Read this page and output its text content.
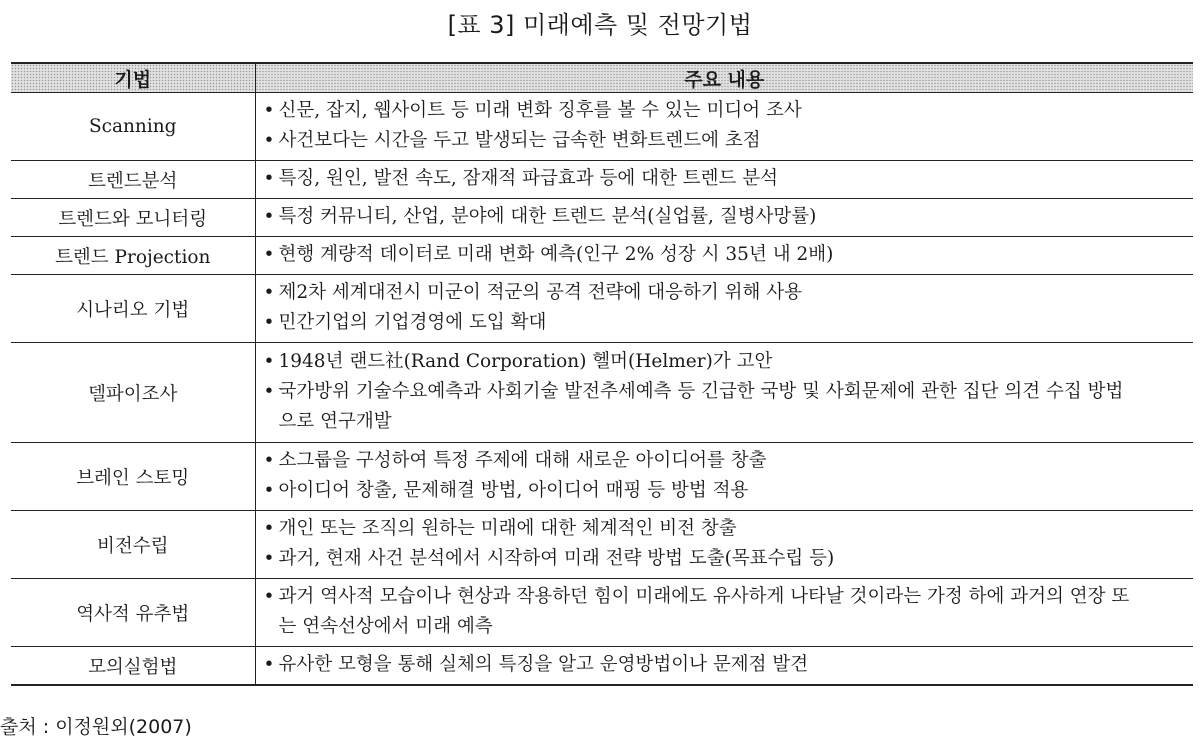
[표 3] 미래예측 및 전망기법
기법	주요 내용
Scanning	• 신문, 잡지, 웹사이트 등 미래 변화 징후를 볼 수 있는 미디어 조사
• 사건보다는 시간을 두고 발생되는 급속한 변화트렌드에 초점

트렌드분석	• 특징, 원인, 발전 속도, 잠재적 파급효과 등에 대한 트렌드 분석

트렌드와 모니터링	• 특정 커뮤니티, 산업, 분야에 대한 트렌드 분석(실업률, 질병사망률)

트렌드 Projection	• 현행 계량적 데이터로 미래 변화 예측(인구 2% 성장 시 35년 내 2배)

시나리오 기법	• 제2차 세계대전시 미군이 적군의 공격 전략에 대응하기 위해 사용
• 민간기업의 기업경영에 도입 확대

델파이조사	• 1948년 랜드社(Rand Corporation) 헬머(Helmer)가 고안
• 국가방위 기술수요예측과 사회기술 발전추세예측 등 긴급한 국방 및 사회문제에 관한 집단 의견 수집 방법으로 연구개발

브레인 스토밍	• 소그룹을 구성하여 특정 주제에 대해 새로운 아이디어를 창출
• 아이디어 창출, 문제해결 방법, 아이디어 매핑 등 방법 적용

비전수립	• 개인 또는 조직의 원하는 미래에 대한 체계적인 비전 창출
• 과거, 현재 사건 분석에서 시작하여 미래 전략 방법 도출(목표수립 등)

역사적 유추법	• 과거 역사적 모습이나 현상과 작용하던 힘이 미래에도 유사하게 나타날 것이라는 가정 하에 과거의 연장 또는 연속선상에서 미래 예측

모의실험법	• 유사한 모형을 통해 실체의 특징을 알고 운영방법이나 문제점 발견
출처 : 이정원외(2007)
